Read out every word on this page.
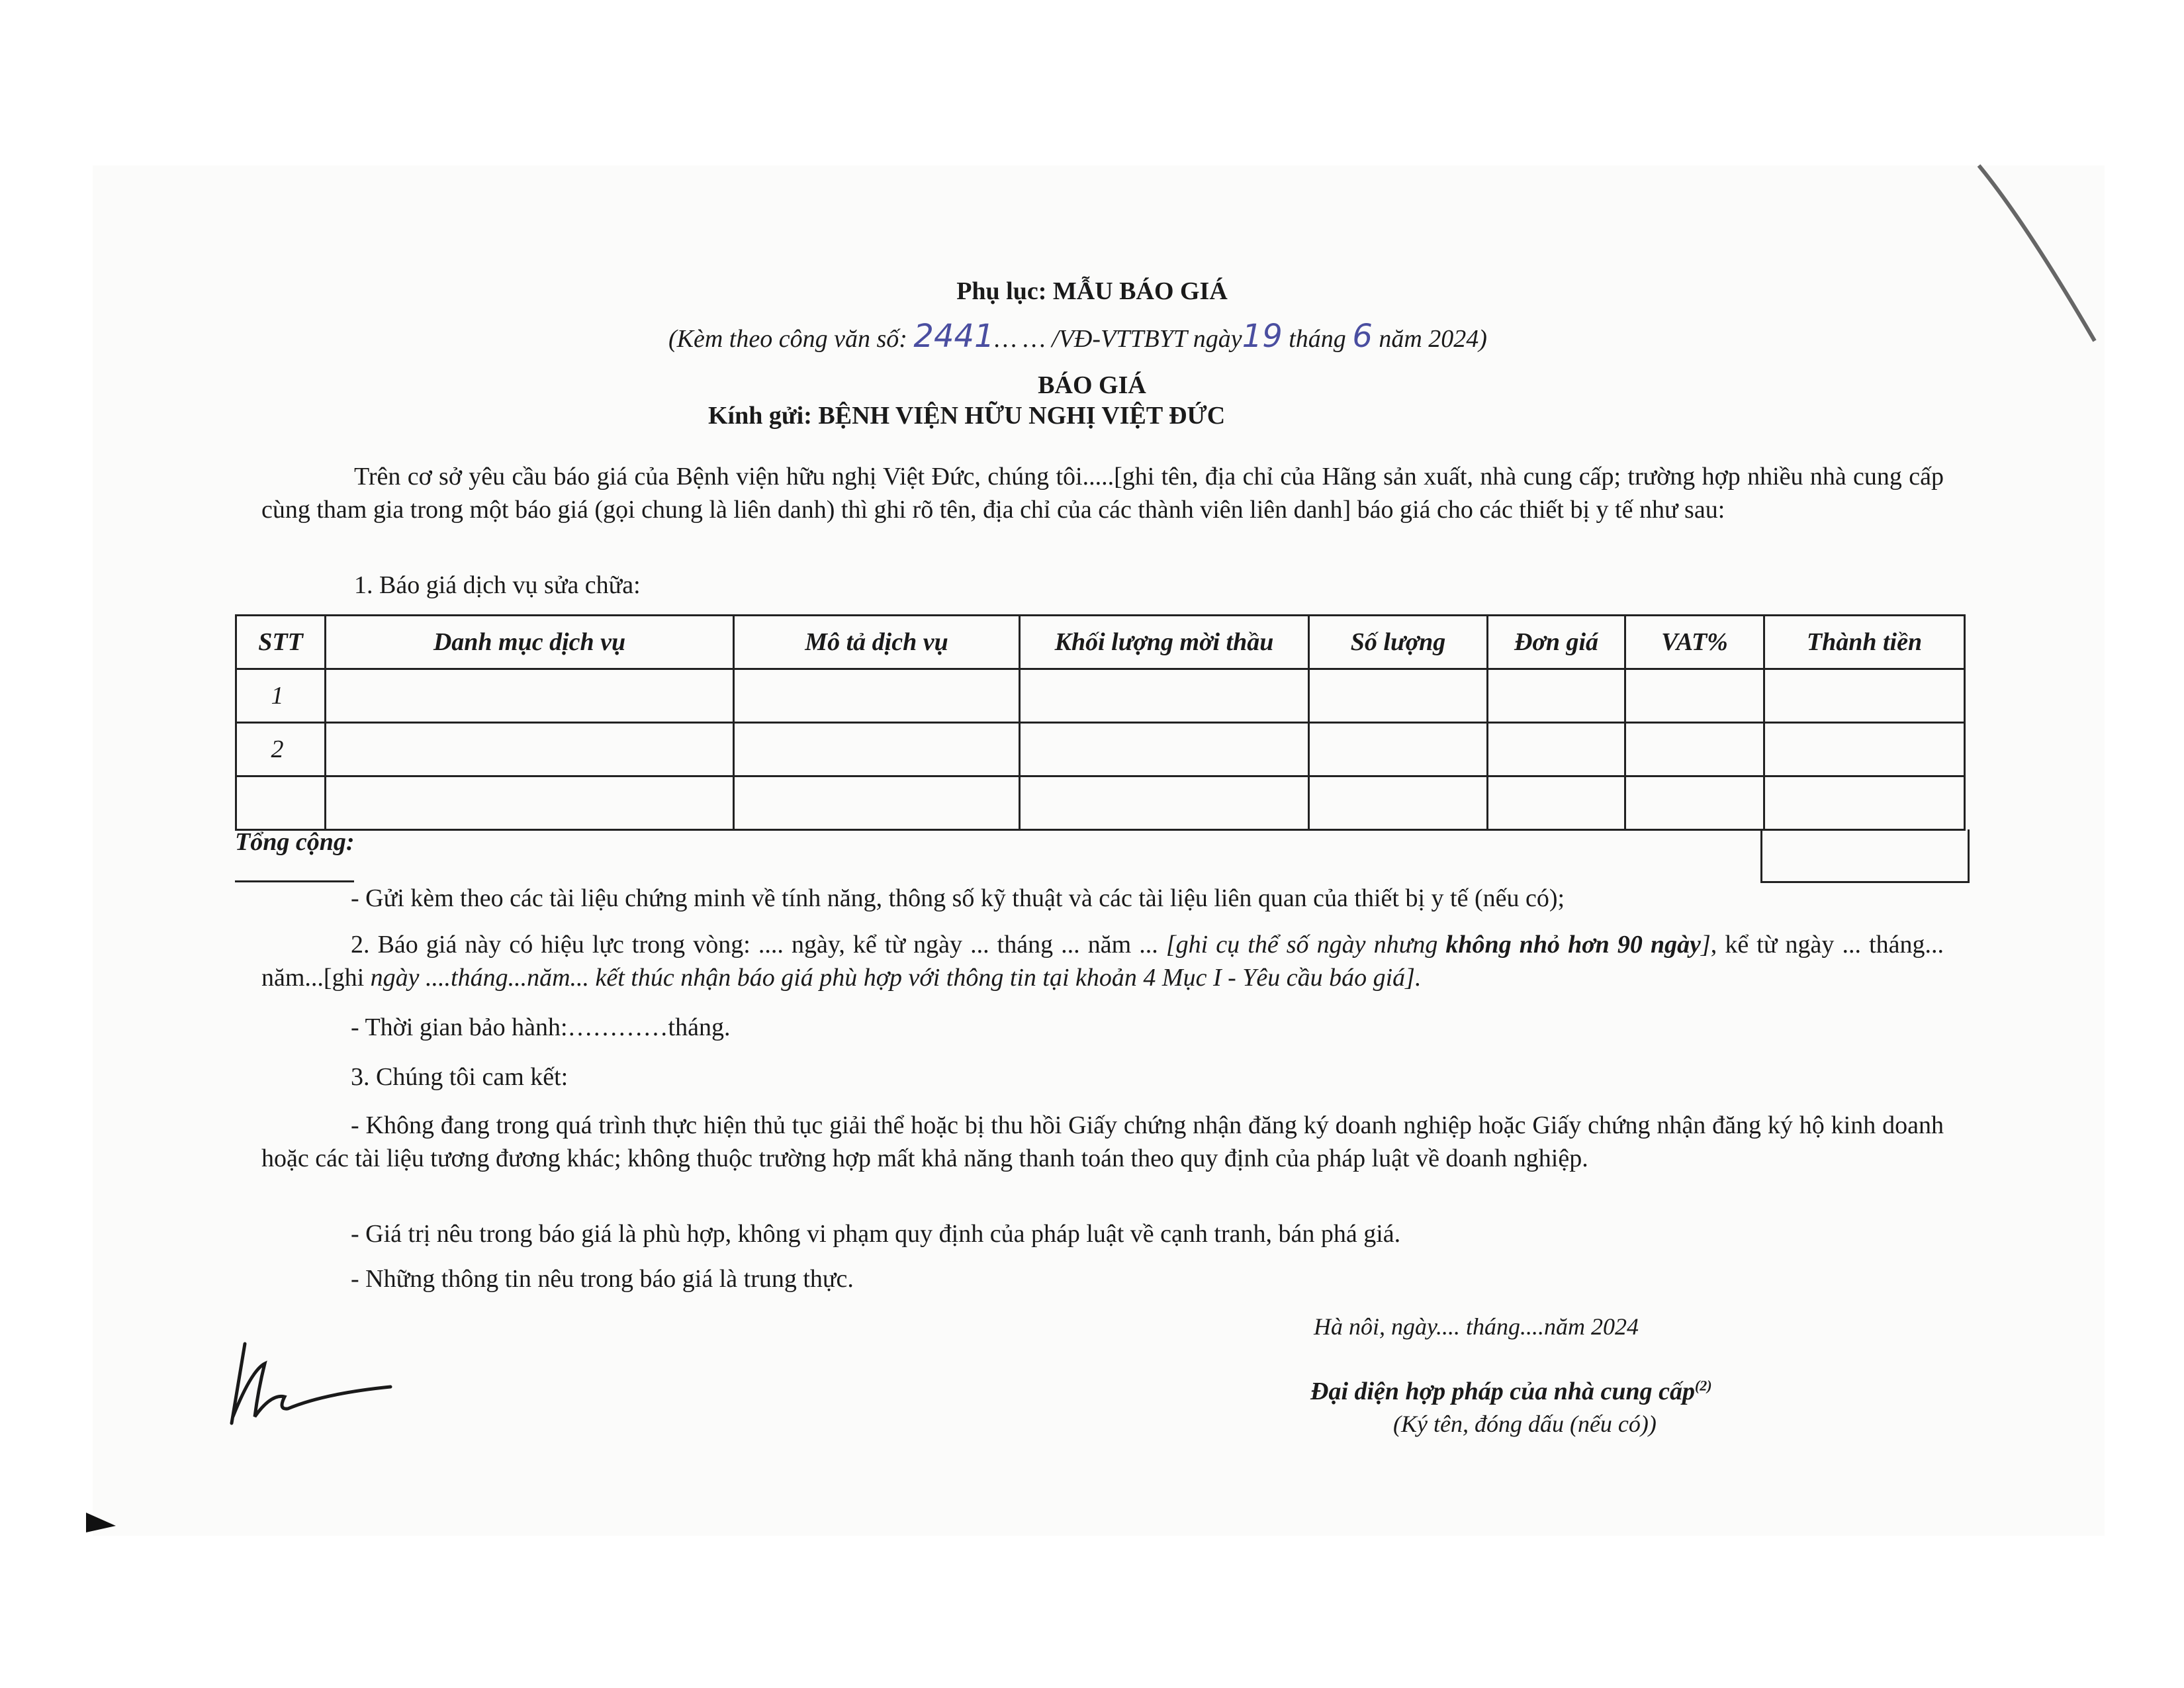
Phụ lục: MẪU BÁO GIÁ
(Kèm theo công văn số: 2441… … /VĐ-VTTBYT ngày19 tháng 6 năm 2024)
BÁO GIÁ
Kính gửi: BỆNH VIỆN HỮU NGHỊ VIỆT ĐỨC
Trên cơ sở yêu cầu báo giá của Bệnh viện hữu nghị Việt Đức, chúng tôi.....[ghi tên, địa chỉ của Hãng sản xuất, nhà cung cấp; trường hợp nhiều nhà cung cấp cùng tham gia trong một báo giá (gọi chung là liên danh) thì ghi rõ tên, địa chỉ của các thành viên liên danh] báo giá cho các thiết bị y tế như sau:
1. Báo giá dịch vụ sửa chữa:
STT	Danh mục dịch vụ	Mô tả dịch vụ	Khối lượng mời thầu	Số lượng	Đơn giá	VAT%	Thành tiền
1							
2							

Tổng cộng:
- Gửi kèm theo các tài liệu chứng minh về tính năng, thông số kỹ thuật và các tài liệu liên quan của thiết bị y tế (nếu có);
2. Báo giá này có hiệu lực trong vòng: .... ngày, kể từ ngày ... tháng ... năm ... [ghi cụ thể số ngày nhưng không nhỏ hơn 90 ngày], kể từ ngày ... tháng... năm...[ghi ngày ....tháng...năm... kết thúc nhận báo giá phù hợp với thông tin tại khoản 4 Mục I - Yêu cầu báo giá].
- Thời gian bảo hành:…………tháng.
3. Chúng tôi cam kết:
- Không đang trong quá trình thực hiện thủ tục giải thể hoặc bị thu hồi Giấy chứng nhận đăng ký doanh nghiệp hoặc Giấy chứng nhận đăng ký hộ kinh doanh hoặc các tài liệu tương đương khác; không thuộc trường hợp mất khả năng thanh toán theo quy định của pháp luật về doanh nghiệp.
- Giá trị nêu trong báo giá là phù hợp, không vi phạm quy định của pháp luật về cạnh tranh, bán phá giá.
- Những thông tin nêu trong báo giá là trung thực.
Hà nôi, ngày.... tháng....năm 2024
Đại diện hợp pháp của nhà cung cấp$^{(2)}$
(Ký tên, đóng dấu (nếu có))
